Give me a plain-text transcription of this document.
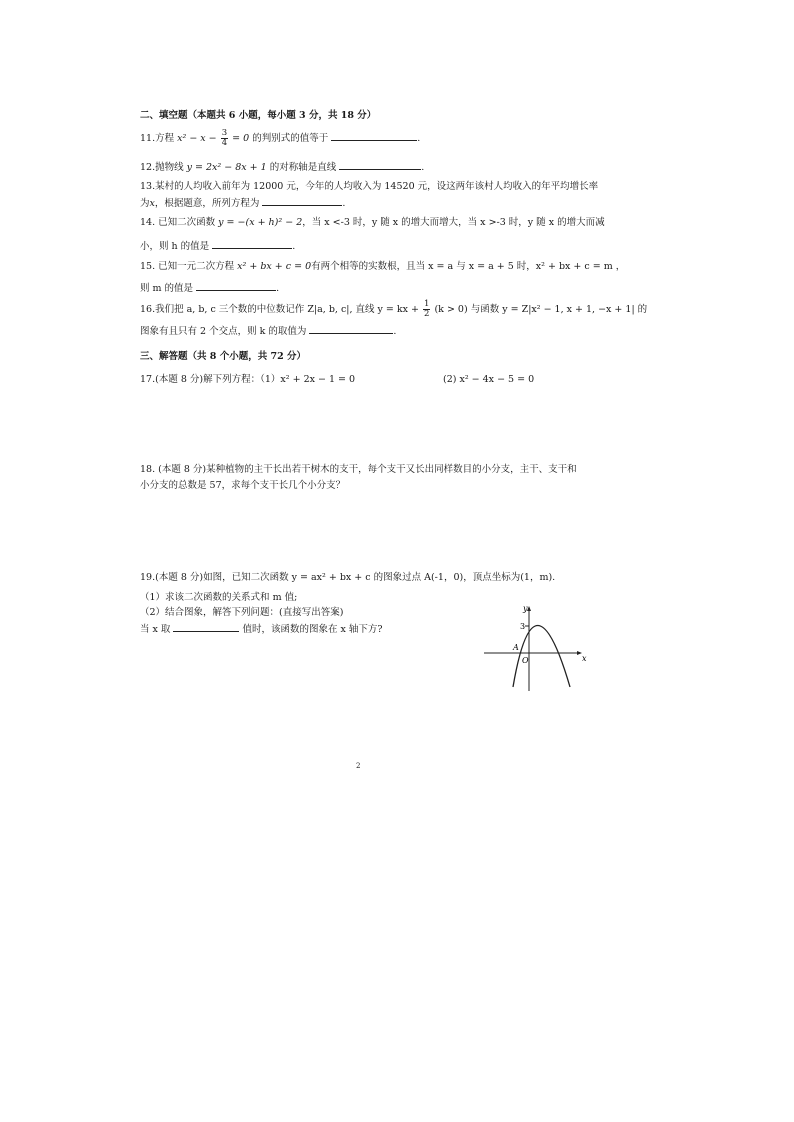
二、填空题（本题共 6 小题，每小题 3 分，共 18 分）
11.方程 $x^2 - x - \frac{3}{4} = 0$ 的判别式的值等于	.
12.抛物线 y = 2x² − 8x + 1 的对称轴是直线	.
13.某村的人均收入前年为 12000 元，今年的人均收入为 14520 元，设这两年该村人均收入的年平均增长率
为x，根据题意，所列方程为	.
14. 已知二次函数 y = −(x + h)² − 2，当 x <-3 时，y 随 x 的增大而增大，当 x >-3 时，y 随 x 的增大而减
小，则 h 的值是	.
15. 已知一元二次方程 x² + bx + c = 0有两个相等的实数根，且当 x = a 与 x = a + 5 时，x² + bx + c = m ，
则 m 的值是	.
16.我们把 a, b, c 三个数的中位数记作 Z|a, b, c|, 直线 y = kx + $\frac{1}{2} (k > 0)$ 与函数 y = Z|x² − 1, x + 1, −x + 1| 的
图象有且只有 2 个交点，则 k 的取值为	.
三、解答题（共 8 个小题，共 72 分）
17.(本题 8 分)解下列方程：（1）x² + 2x − 1 = 0	(2) x² − 4x − 5 = 0
18. (本题 8 分)某种植物的主干长出若干树木的支干，每个支干又长出同样数目的小分支，主干、支干和
小分支的总数是 57，求每个支干长几个小分支？
19.(本题 8 分)如图，已知二次函数 y = ax² + bx + c 的图象过点 A(-1，0)，顶点坐标为(1，m).
（1）求该二次函数的关系式和 m 值;
（2）结合图象，解答下列问题：(直接写出答案)
当 x 取	值时，该函数的图象在 x 轴下方?
y
x
3
A
O
2
